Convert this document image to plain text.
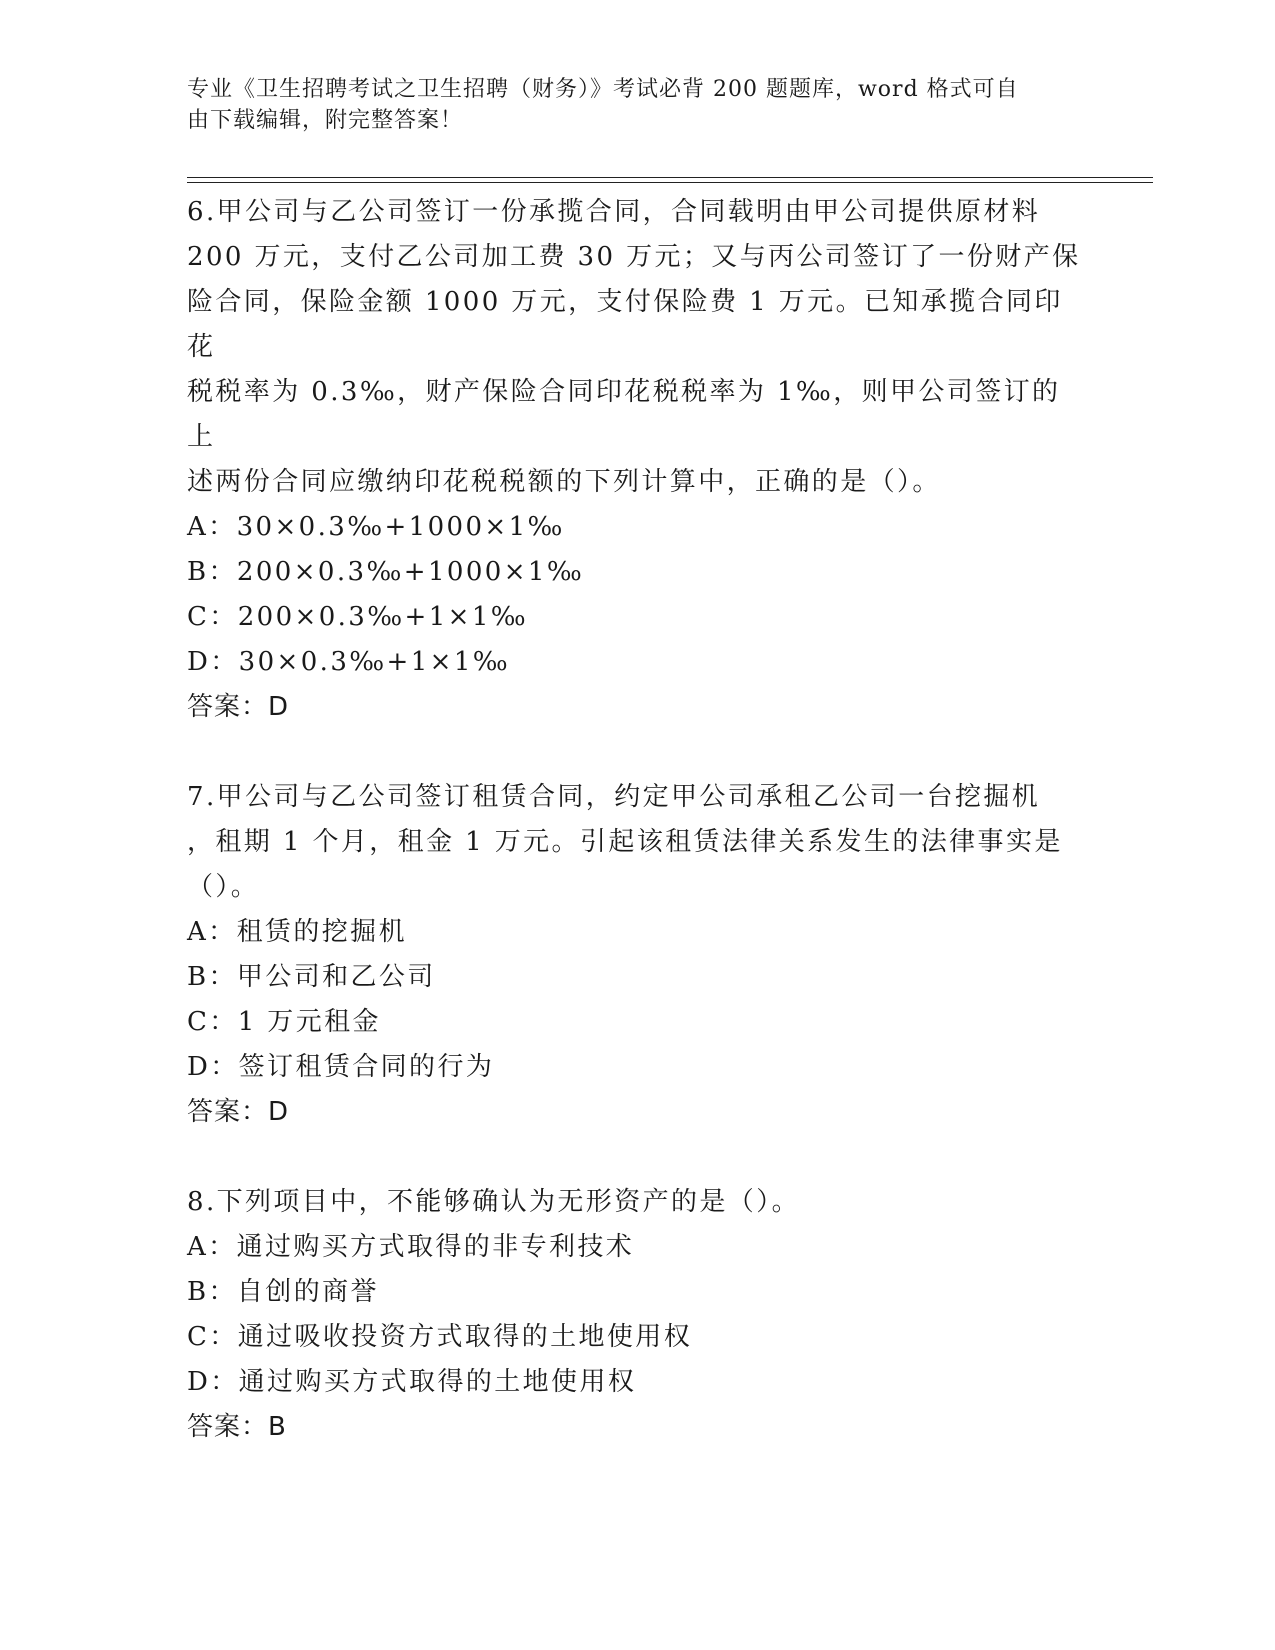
专业《卫生招聘考试之卫生招聘（财务）》考试必背 200 题题库，word 格式可自
由下载编辑，附完整答案！

6.甲公司与乙公司签订一份承揽合同，合同载明由甲公司提供原材料

200 万元，支付乙公司加工费 30 万元；又与丙公司签订了一份财产保

险合同，保险金额 1000 万元，支付保险费 1 万元。已知承揽合同印花

税税率为 0.3‰，财产保险合同印花税税率为 1‰，则甲公司签订的上

述两份合同应缴纳印花税税额的下列计算中，正确的是（）。

A：30×0.3‰+1000×1‰

B：200×0.3‰+1000×1‰

C：200×0.3‰+1×1‰

D：30×0.3‰+1×1‰

答案：D

7.甲公司与乙公司签订租赁合同，约定甲公司承租乙公司一台挖掘机

，租期 1 个月，租金 1 万元。引起该租赁法律关系发生的法律事实是

（）。

A：租赁的挖掘机

B：甲公司和乙公司

C：1 万元租金

D：签订租赁合同的行为

答案：D

8.下列项目中，不能够确认为无形资产的是（）。

A：通过购买方式取得的非专利技术

B：自创的商誉

C：通过吸收投资方式取得的土地使用权

D：通过购买方式取得的土地使用权

答案：B
